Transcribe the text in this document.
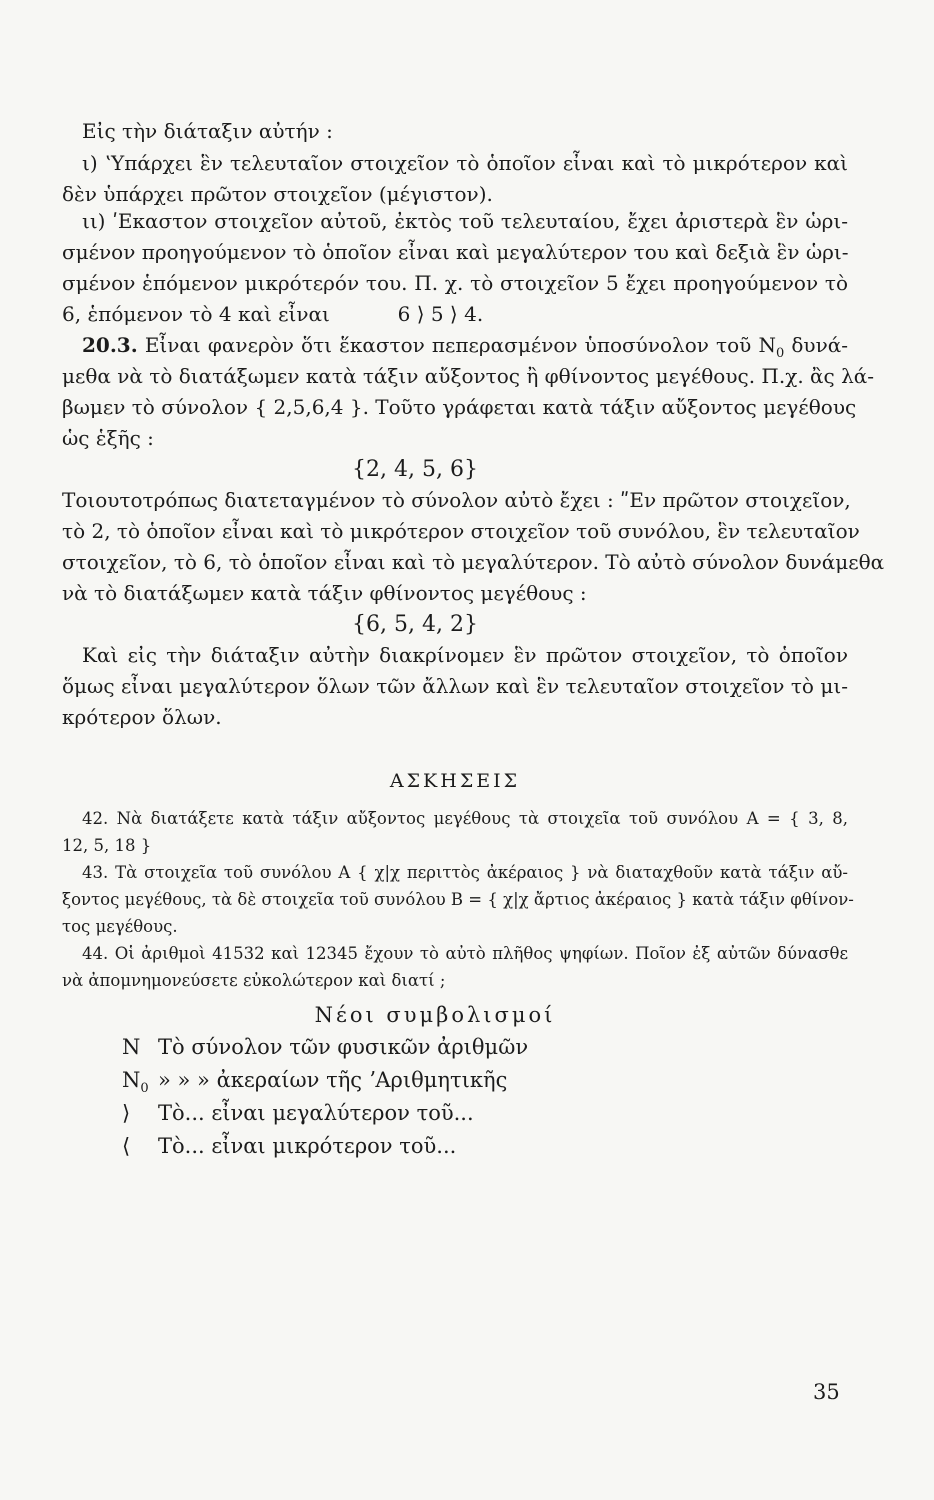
Εἰς τὴν διάταξιν αὐτήν :
ι) ʽΥπάρχει ἓν τελευταῖον στοιχεῖον τὸ ὁποῖον εἶναι καὶ τὸ μικρότερον καὶ
δὲν ὑπάρχει πρῶτον στοιχεῖον (μέγιστον).
ιι) ʹΕκαστον στοιχεῖον αὐτοῦ, ἐκτὸς τοῦ τελευταίου, ἔχει ἀριστερὰ ἓν ὡρι-
σμένον προηγούμενον τὸ ὁποῖον εἶναι καὶ μεγαλύτερον του καὶ δεξιὰ ἓν ὡρι-
σμένον ἑπόμενον μικρότερόν του. Π. χ. τὸ στοιχεῖον 5 ἔχει προηγούμενον τὸ
6, ἑπόμενον τὸ 4 καὶ εἶναι	6 ⟩ 5 ⟩ 4.
20.3. Εἶναι φανερὸν ὅτι ἕκαστον πεπερασμένον ὑποσύνολον τοῦ $N_0$ δυνά-
μεθα νὰ τὸ διατάξωμεν κατὰ τάξιν αὔξοντος ἢ φθίνοντος μεγέθους. Π.χ. ἂς λά-
βωμεν τὸ σύνολον { 2,5,6,4 }. Τοῦτο γράφεται κατὰ τάξιν αὔξοντος μεγέθους
ὡς ἑξῆς :
{2, 4, 5, 6}
Τοιουτοτρόπως διατεταγμένον τὸ σύνολον αὐτὸ ἔχει : ʺΕν πρῶτον στοιχεῖον,
τὸ 2, τὸ ὁποῖον εἶναι καὶ τὸ μικρότερον στοιχεῖον τοῦ συνόλου, ἓν τελευταῖον
στοιχεῖον, τὸ 6, τὸ ὁποῖον εἶναι καὶ τὸ μεγαλύτερον. Τὸ αὐτὸ σύνολον δυνάμεθα
νὰ τὸ διατάξωμεν κατὰ τάξιν φθίνοντος μεγέθους :
{6, 5, 4, 2}
Καὶ εἰς τὴν διάταξιν αὐτὴν διακρίνομεν ἓν πρῶτον στοιχεῖον, τὸ ὁποῖον
ὅμως εἶναι μεγαλύτερον ὅλων τῶν ἄλλων καὶ ἓν τελευταῖον στοιχεῖον τὸ μι-
κρότερον ὅλων.
ΑΣΚΗΣΕΙΣ
42. Νὰ διατάξετε κατὰ τάξιν αὔξοντος μεγέθους τὰ στοιχεῖα τοῦ συνόλου A = { 3, 8,
12, 5, 18 }
43. Τὰ στοιχεῖα τοῦ συνόλου A { χ|χ περιττὸς ἀκέραιος } νὰ διαταχθοῦν κατὰ τάξιν αὔ-
ξοντος μεγέθους, τὰ δὲ στοιχεῖα τοῦ συνόλου B = { χ|χ ἄρτιος ἀκέραιος } κατὰ τάξιν φθίνον-
τος μεγέθους.
44. Οἱ ἀριθμοὶ 41532 καὶ 12345 ἔχουν τὸ αὐτὸ πλῆθος ψηφίων. Ποῖον ἐξ αὐτῶν δύνασθε
νὰ ἀπομνημονεύσετε εὐκολώτερον καὶ διατί ;
Νέοι συμβολισμοί
N Τὸ σύνολον τῶν φυσικῶν ἀριθμῶν
$N_0$ » » » ἀκεραίων τῆς ʼΑριθμητικῆς
⟩ Τὸ... εἶναι μεγαλύτερον τοῦ...
⟨ Τὸ... εἶναι μικρότερον τοῦ...
35
